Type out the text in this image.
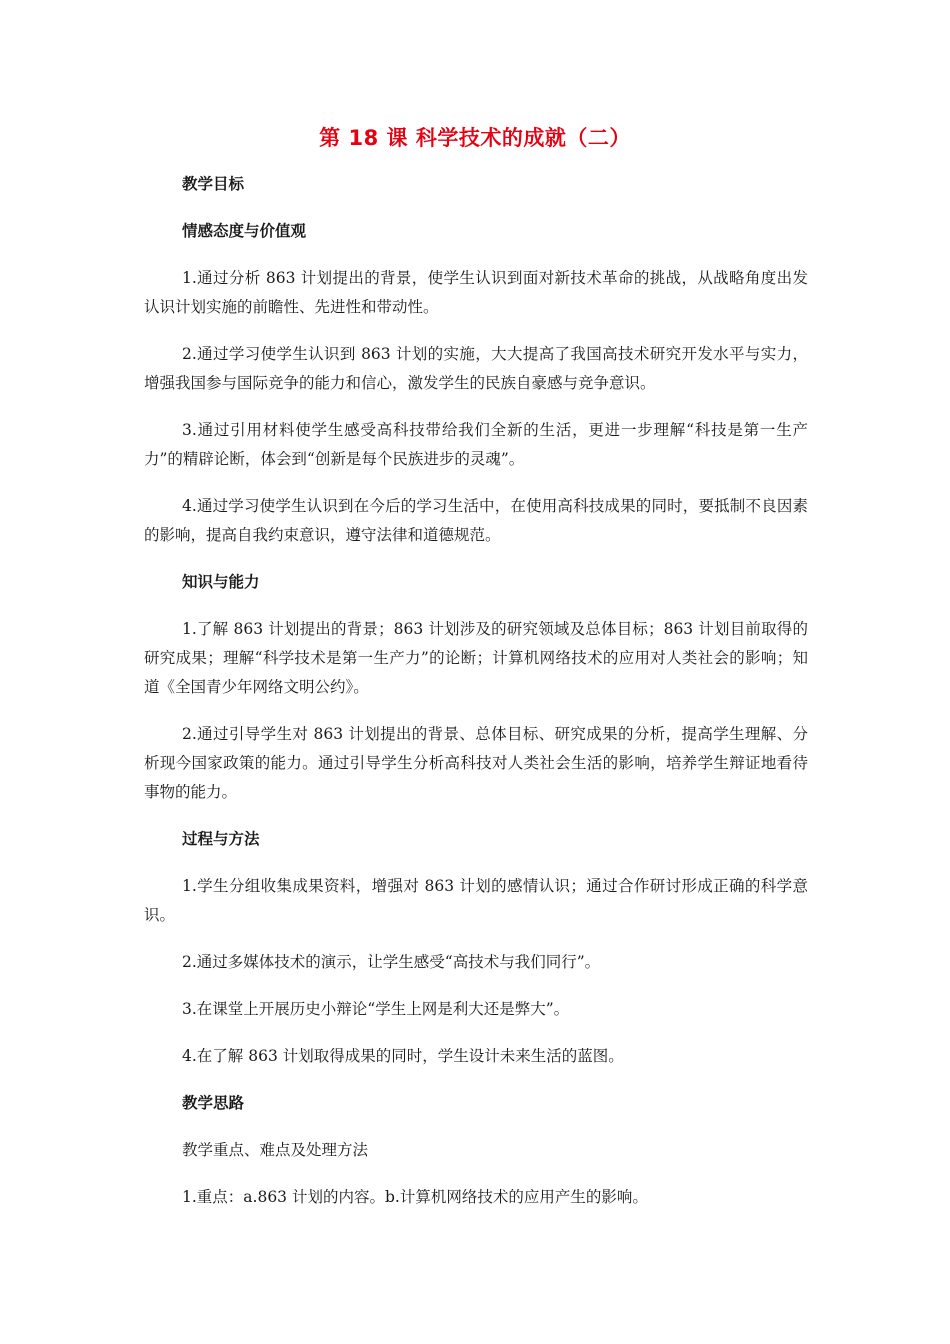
第 18 课 科学技术的成就（二）

教学目标

情感态度与价值观

1.通过分析 863 计划提出的背景，使学生认识到面对新技术革命的挑战，从战略角度出发认识计划实施的前瞻性、先进性和带动性。

2.通过学习使学生认识到 863 计划的实施，大大提高了我国高技术研究开发水平与实力，增强我国参与国际竞争的能力和信心，激发学生的民族自豪感与竞争意识。

3.通过引用材料使学生感受高科技带给我们全新的生活，更进一步理解“科技是第一生产力”的精辟论断，体会到“创新是每个民族进步的灵魂”。

4.通过学习使学生认识到在今后的学习生活中，在使用高科技成果的同时，要抵制不良因素的影响，提高自我约束意识，遵守法律和道德规范。

知识与能力

1.了解 863 计划提出的背景；863 计划涉及的研究领域及总体目标；863 计划目前取得的研究成果；理解“科学技术是第一生产力”的论断；计算机网络技术的应用对人类社会的影响；知道《全国青少年网络文明公约》。

2.通过引导学生对 863 计划提出的背景、总体目标、研究成果的分析，提高学生理解、分析现今国家政策的能力。通过引导学生分析高科技对人类社会生活的影响，培养学生辩证地看待事物的能力。

过程与方法

1.学生分组收集成果资料，增强对 863 计划的感情认识；通过合作研讨形成正确的科学意识。

2.通过多媒体技术的演示，让学生感受“高技术与我们同行”。

3.在课堂上开展历史小辩论“学生上网是利大还是弊大”。

4.在了解 863 计划取得成果的同时，学生设计未来生活的蓝图。

教学思路

教学重点、难点及处理方法

1.重点：a.863 计划的内容。b.计算机网络技术的应用产生的影响。
